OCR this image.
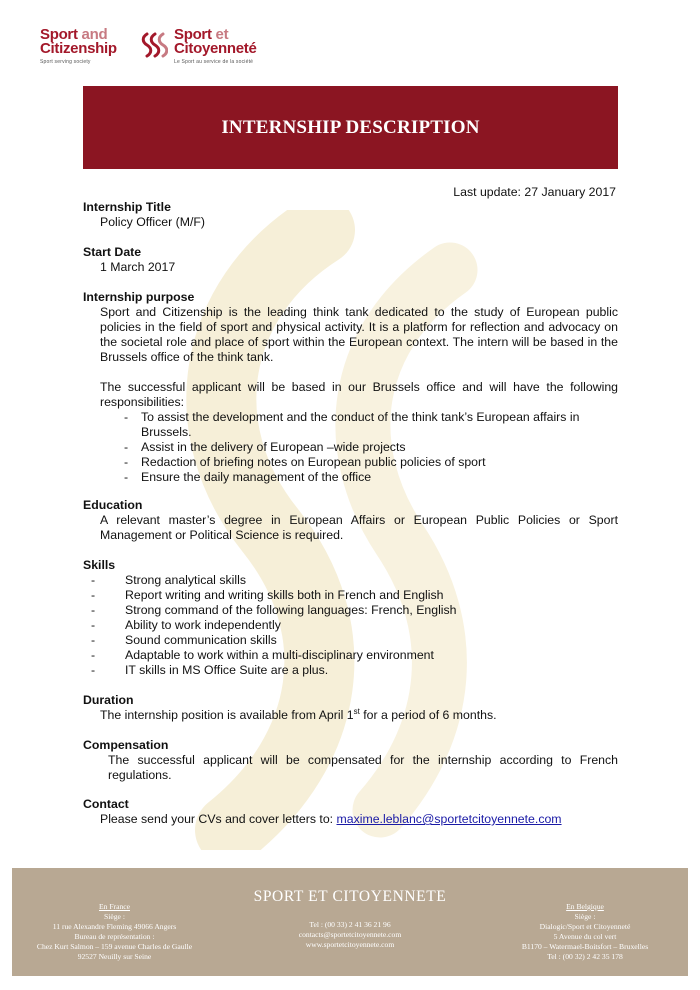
Sport and
Citizenship
Sport serving society
Sport et
Citoyenneté
Le Sport au service de la société
INTERNSHIP DESCRIPTION
Last update: 27 January 2017
Internship Title
Policy Officer (M/F)
Start Date
1 March 2017
Internship purpose
Sport and Citizenship is the leading think tank dedicated to the study of European public policies in the field of sport and physical activity. It is a platform for reflection and advocacy on the societal role and place of sport within the European context. The intern will be based in the Brussels office of the think tank.
The successful applicant will be based in our Brussels office and will have the following responsibilities:
- To assist the development and the conduct of the think tank’s European affairs in Brussels.
- Assist in the delivery of European –wide projects
- Redaction of briefing notes on European public policies of sport
- Ensure the daily management of the office
Education
A relevant master’s degree in European Affairs or European Public Policies or Sport Management or Political Science is required.
Skills
- Strong analytical skills
- Report writing and writing skills both in French and English
- Strong command of the following languages: French, English
- Ability to work independently
- Sound communication skills
- Adaptable to work within a multi-disciplinary environment
- IT skills in MS Office Suite are a plus.
Duration
The internship position is available from April 1st for a period of 6 months.
Compensation
The successful applicant will be compensated for the internship according to French regulations.
Contact
Please send your CVs and cover letters to: maxime.leblanc@sportetcitoyennete.com
En France
Siège :
11 rue Alexandre Fleming 49066 Angers
Bureau de représentation :
Chez Kurt Salmon – 159 avenue Charles de Gaulle
92527 Neuilly sur Seine
SPORT ET CITOYENNETE
Tel : (00 33) 2 41 36 21 96
contacts@sportetcitoyennete.com
www.sportetcitoyennete.com
En Belgique
Siège :
Dialogic/Sport et Citoyenneté
5 Avenue du col vert
B1170 – Watermael-Boitsfort – Bruxelles
Tel : (00 32) 2 42 35 178
